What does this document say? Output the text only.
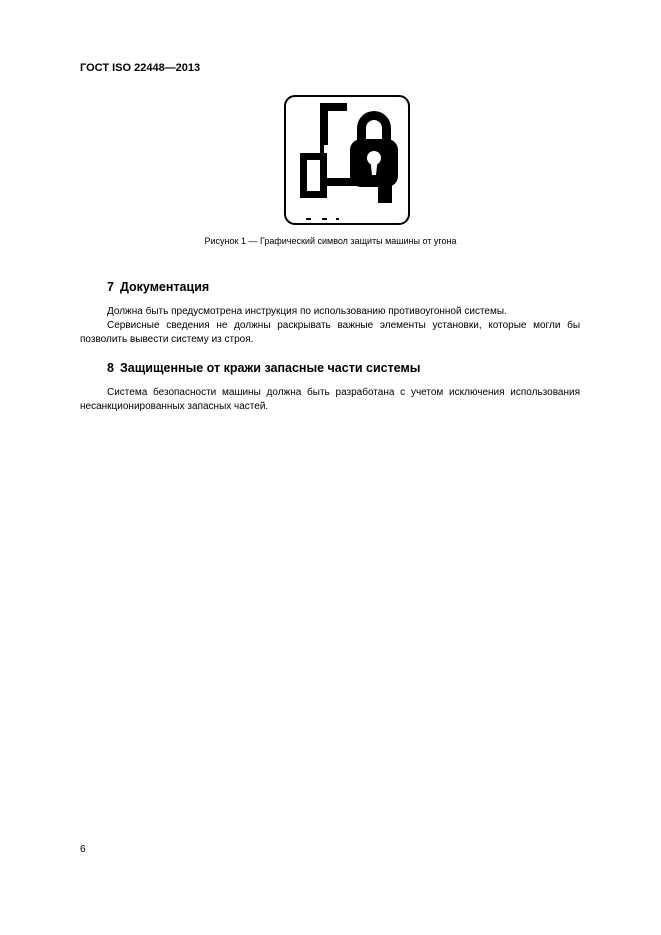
ГОСТ ISO 22448—2013
Рисунок 1 — Графический символ защиты машины от угона
7 Документация
Должна быть предусмотрена инструкция по использованию противоугонной системы.
Сервисные сведения не должны раскрывать важные элементы установки, которые могли бы позволить вывести систему из строя.
8 Защищенные от кражи запасные части системы
Система безопасности машины должна быть разработана с учетом исключения использования несанкционированных запасных частей.
6
